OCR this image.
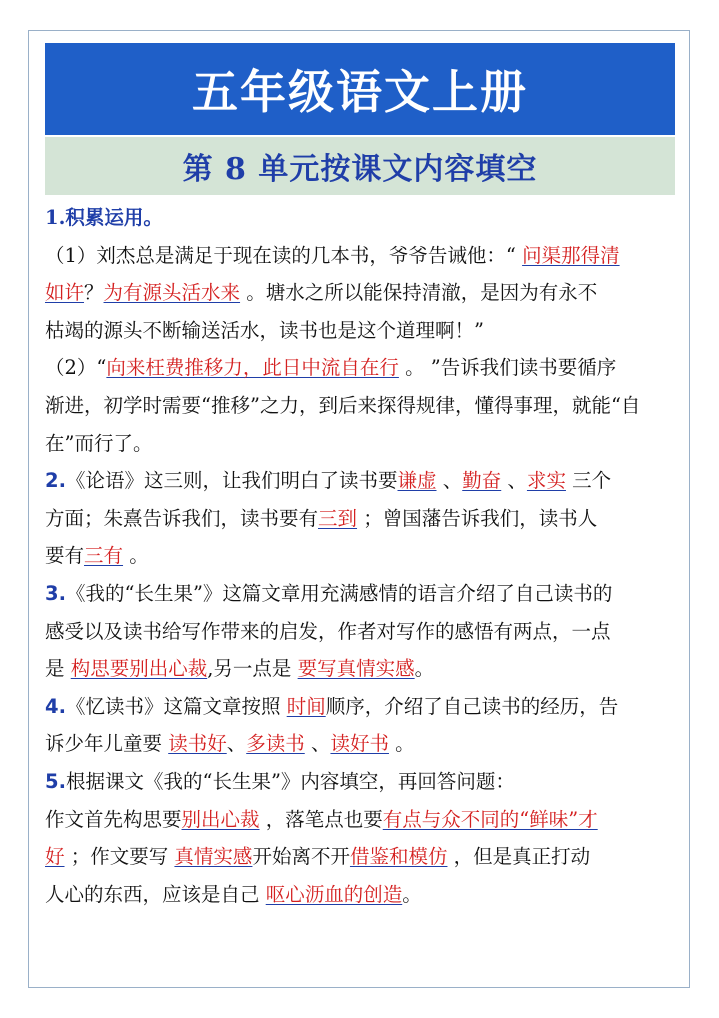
五年级语文上册
第 8 单元按课文内容填空
1.积累运用。
（1）刘杰总是满足于现在读的几本书，爷爷告诫他：“ 问渠那得清
如许？为有源头活水来 。塘水之所以能保持清澈，是因为有永不
枯竭的源头不断输送活水，读书也是这个道理啊！”
（2）“向来枉费推移力，此日中流自在行 。 ”告诉我们读书要循序
渐进，初学时需要“推移”之力，到后来探得规律，懂得事理，就能“自
在”而行了。
2.《论语》这三则，让我们明白了读书要谦虚 、勤奋 、求实 三个
方面；朱熹告诉我们，读书要有三到 ；曾国藩告诉我们，读书人
要有三有 。
3.《我的“长生果”》这篇文章用充满感情的语言介绍了自己读书的
感受以及读书给写作带来的启发，作者对写作的感悟有两点，一点
是 构思要别出心裁,另一点是 要写真情实感。
4.《忆读书》这篇文章按照 时间顺序，介绍了自己读书的经历，告
诉少年儿童要 读书好、多读书 、读好书 。
5.根据课文《我的“长生果”》内容填空，再回答问题：
作文首先构思要别出心裁 ，落笔点也要有点与众不同的“鲜味”才
好 ；作文要写 真情实感开始离不开借鉴和模仿 ，但是真正打动
人心的东西，应该是自己 呕心沥血的创造。
